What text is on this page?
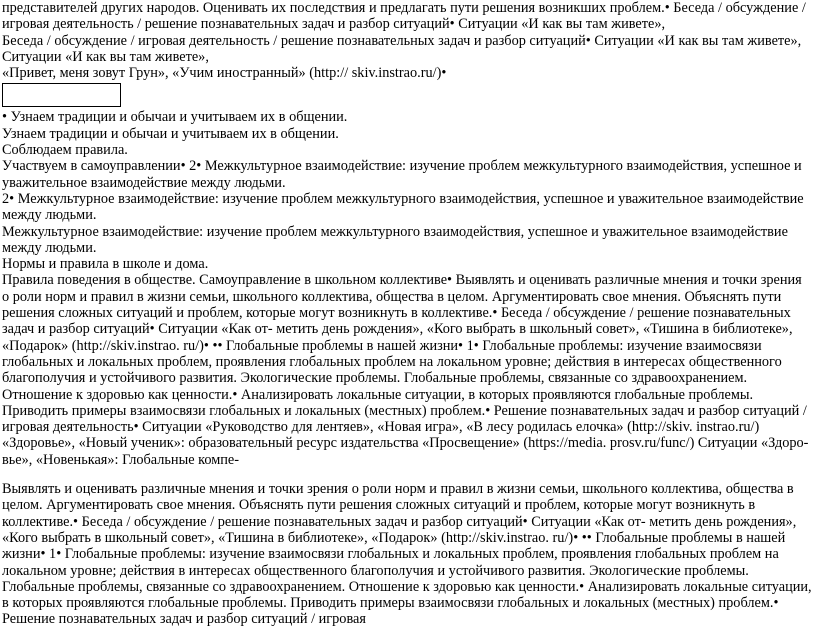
представителей других народов. Оценивать их последствия и предлагать пути решения возникших проблем.• Беседа / обсуждение / игровая деятельность / решение познавательных задач и разбор ситуаций• Ситуации «И как вы там живете»,

Беседа / обсуждение / игровая деятельность / решение познавательных задач и разбор ситуаций• Ситуации «И как вы там живете», Ситуации «И как вы там живете»,

«Привет, меня зовут Грун», «Учим иностранный» (http:// skiv.instrao.ru/)•

• Узнаем традиции и обычаи и учитываем их в общении.

Узнаем традиции и обычаи и учитываем их в общении.

Соблюдаем правила.

Участвуем в самоуправлении• 2• Межкультурное взаимодействие: изучение проблем межкультурного взаимодействия, успешное и уважительное взаимодействие между людьми.

2• Межкультурное взаимодействие: изучение проблем межкультурного взаимодействия, успешное и уважительное взаимодействие между людьми.

Межкультурное взаимодействие: изучение проблем межкультурного взаимодействия, успешное и уважительное взаимодействие между людьми.

Нормы и правила в школе и дома.

Правила поведения в обществе. Самоуправление в школьном коллективе• Выявлять и оценивать различные мнения и точки зрения о роли норм и правил в жизни семьи, школьного коллектива, общества в целом. Аргументировать свое мнения. Объяснять пути решения сложных ситуаций и проблем, которые могут возникнуть в коллективе.• Беседа / обсуждение / решение познавательных задач и разбор ситуаций• Ситуации «Как от- метить день рождения», «Кого выбрать в школьный совет», «Тишина в библиотеке», «Подарок» (http://skiv.instrao. ru/)• •• Глобальные проблемы в нашей жизни• 1• Глобальные проблемы: изучение взаимосвязи глобальных и локальных проблем, проявления глобальных проблем на локальном уровне; действия в интересах общественного благополучия и устойчивого развития. Экологические проблемы. Глобальные проблемы, связанные со здравоохранением. Отношение к здоровью как ценности.• Анализировать локальные ситуации, в которых проявляются глобальные проблемы. Приводить примеры взаимосвязи глобальных и локальных (местных) проблем.• Решение познавательных задач и разбор ситуаций / игровая деятельность• Ситуации «Руководство для лентяев», «Новая игра», «В лесу родилась елочка» (http://skiv. instrao.ru/) «Здоровье», «Новый ученик»: образовательный ресурс издательства «Просвещение» (https://media. prosv.ru/func/) Ситуации «Здоро- вье», «Новенькая»: Глобальные компе-

Выявлять и оценивать различные мнения и точки зрения о роли норм и правил в жизни семьи, школьного коллектива, общества в целом. Аргументировать свое мнения. Объяснять пути решения сложных ситуаций и проблем, которые могут возникнуть в коллективе.• Беседа / обсуждение / решение познавательных задач и разбор ситуаций• Ситуации «Как от- метить день рождения», «Кого выбрать в школьный совет», «Тишина в библиотеке», «Подарок» (http://skiv.instrao. ru/)• •• Глобальные проблемы в нашей жизни• 1• Глобальные проблемы: изучение взаимосвязи глобальных и локальных проблем, проявления глобальных проблем на локальном уровне; действия в интересах общественного благополучия и устойчивого развития. Экологические проблемы. Глобальные проблемы, связанные со здравоохранением. Отношение к здоровью как ценности.• Анализировать локальные ситуации, в которых проявляются глобальные проблемы. Приводить примеры взаимосвязи глобальных и локальных (местных) проблем.• Решение познавательных задач и разбор ситуаций / игровая
